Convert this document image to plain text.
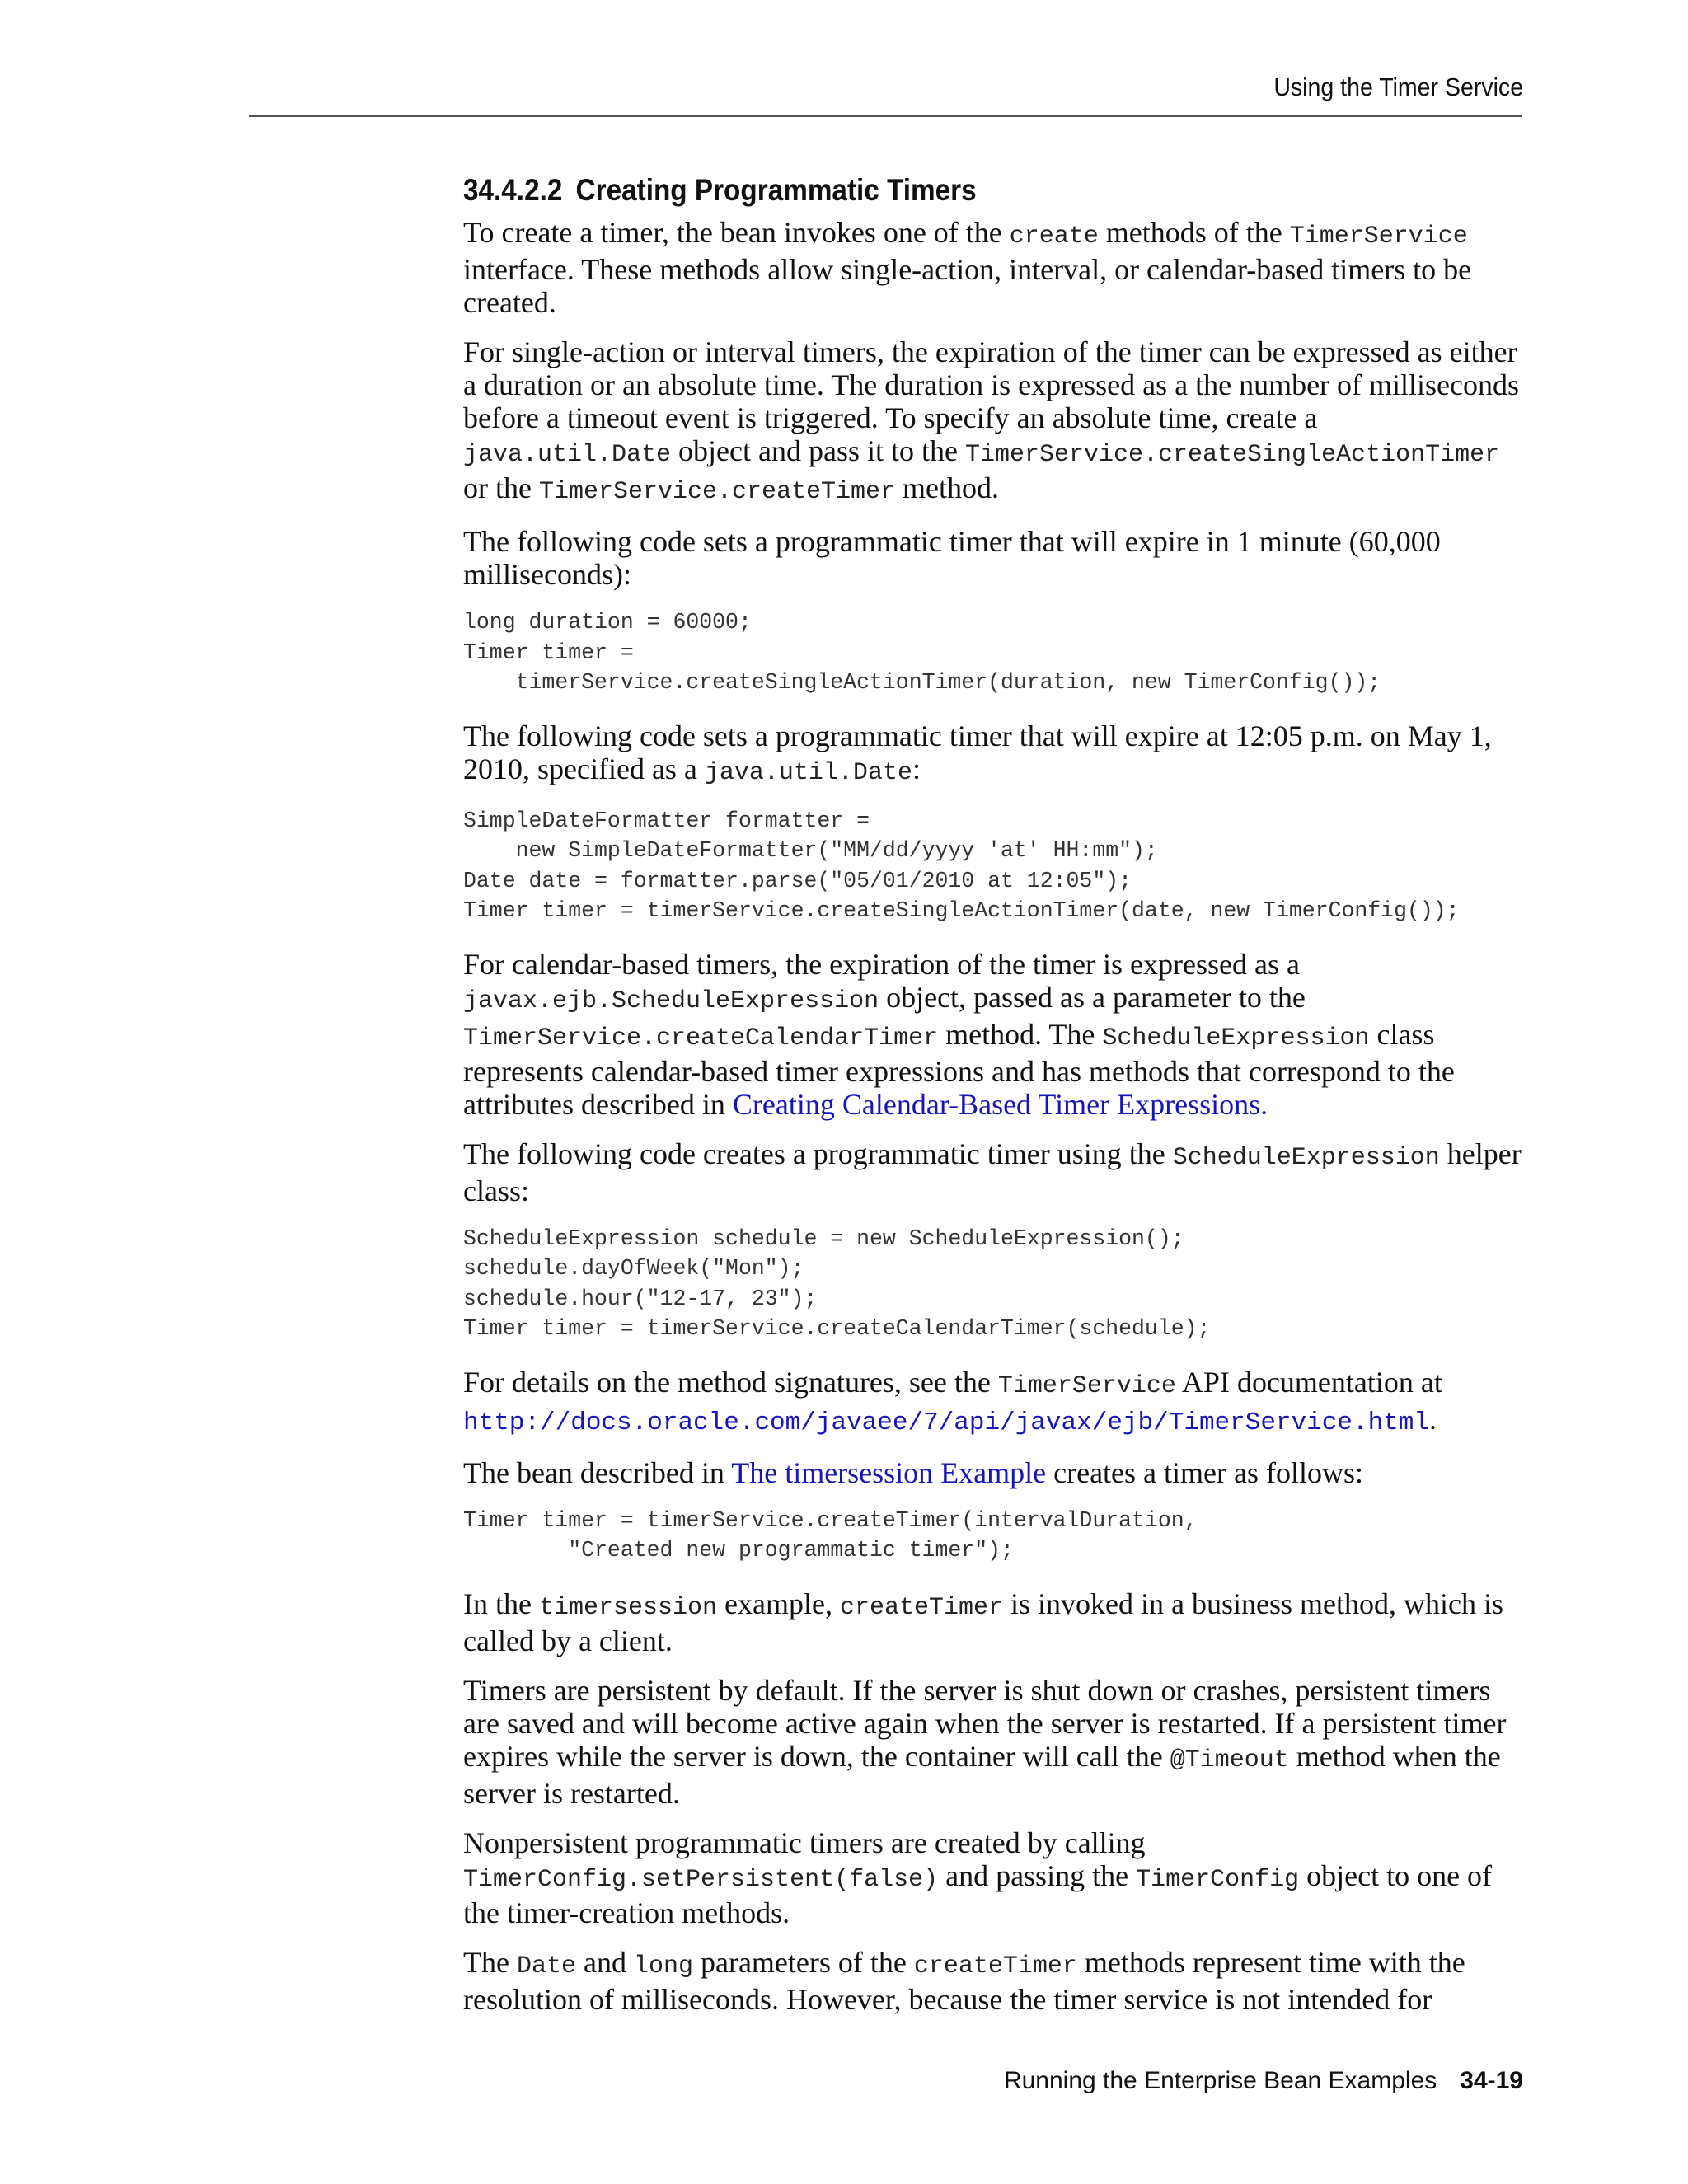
Using the Timer Service
34.4.2.2 Creating Programmatic Timers

To create a timer, the bean invokes one of the create methods of the TimerService interface. These methods allow single-action, interval, or calendar-based timers to be created.

For single-action or interval timers, the expiration of the timer can be expressed as either a duration or an absolute time. The duration is expressed as a the number of milliseconds before a timeout event is triggered. To specify an absolute time, create a java.util.Date object and pass it to the TimerService.createSingleActionTimer or the TimerService.createTimer method.

The following code sets a programmatic timer that will expire in 1 minute (60,000 milliseconds):

long duration = 60000;
Timer timer =
timerService.createSingleActionTimer(duration, new TimerConfig());

The following code sets a programmatic timer that will expire at 12:05 p.m. on May 1, 2010, specified as a java.util.Date:

SimpleDateFormatter formatter =
new SimpleDateFormatter("MM/dd/yyyy 'at' HH:mm");
Date date = formatter.parse("05/01/2010 at 12:05");
Timer timer = timerService.createSingleActionTimer(date, new TimerConfig());

For calendar-based timers, the expiration of the timer is expressed as a javax.ejb.ScheduleExpression object, passed as a parameter to the TimerService.createCalendarTimer method. The ScheduleExpression class represents calendar-based timer expressions and has methods that correspond to the attributes described in Creating Calendar-Based Timer Expressions.

The following code creates a programmatic timer using the ScheduleExpression helper class:

ScheduleExpression schedule = new ScheduleExpression();
schedule.dayOfWeek("Mon");
schedule.hour("12-17, 23");
Timer timer = timerService.createCalendarTimer(schedule);

For details on the method signatures, see the TimerService API documentation at http://docs.oracle.com/javaee/7/api/javax/ejb/TimerService.html.

The bean described in The timersession Example creates a timer as follows:

Timer timer = timerService.createTimer(intervalDuration,
"Created new programmatic timer");

In the timersession example, createTimer is invoked in a business method, which is called by a client.

Timers are persistent by default. If the server is shut down or crashes, persistent timers are saved and will become active again when the server is restarted. If a persistent timer expires while the server is down, the container will call the @Timeout method when the server is restarted.

Nonpersistent programmatic timers are created by calling TimerConfig.setPersistent(false) and passing the TimerConfig object to one of the timer-creation methods.

The Date and long parameters of the createTimer methods represent time with the resolution of milliseconds. However, because the timer service is not intended for

Running the Enterprise Bean Examples 34-19
